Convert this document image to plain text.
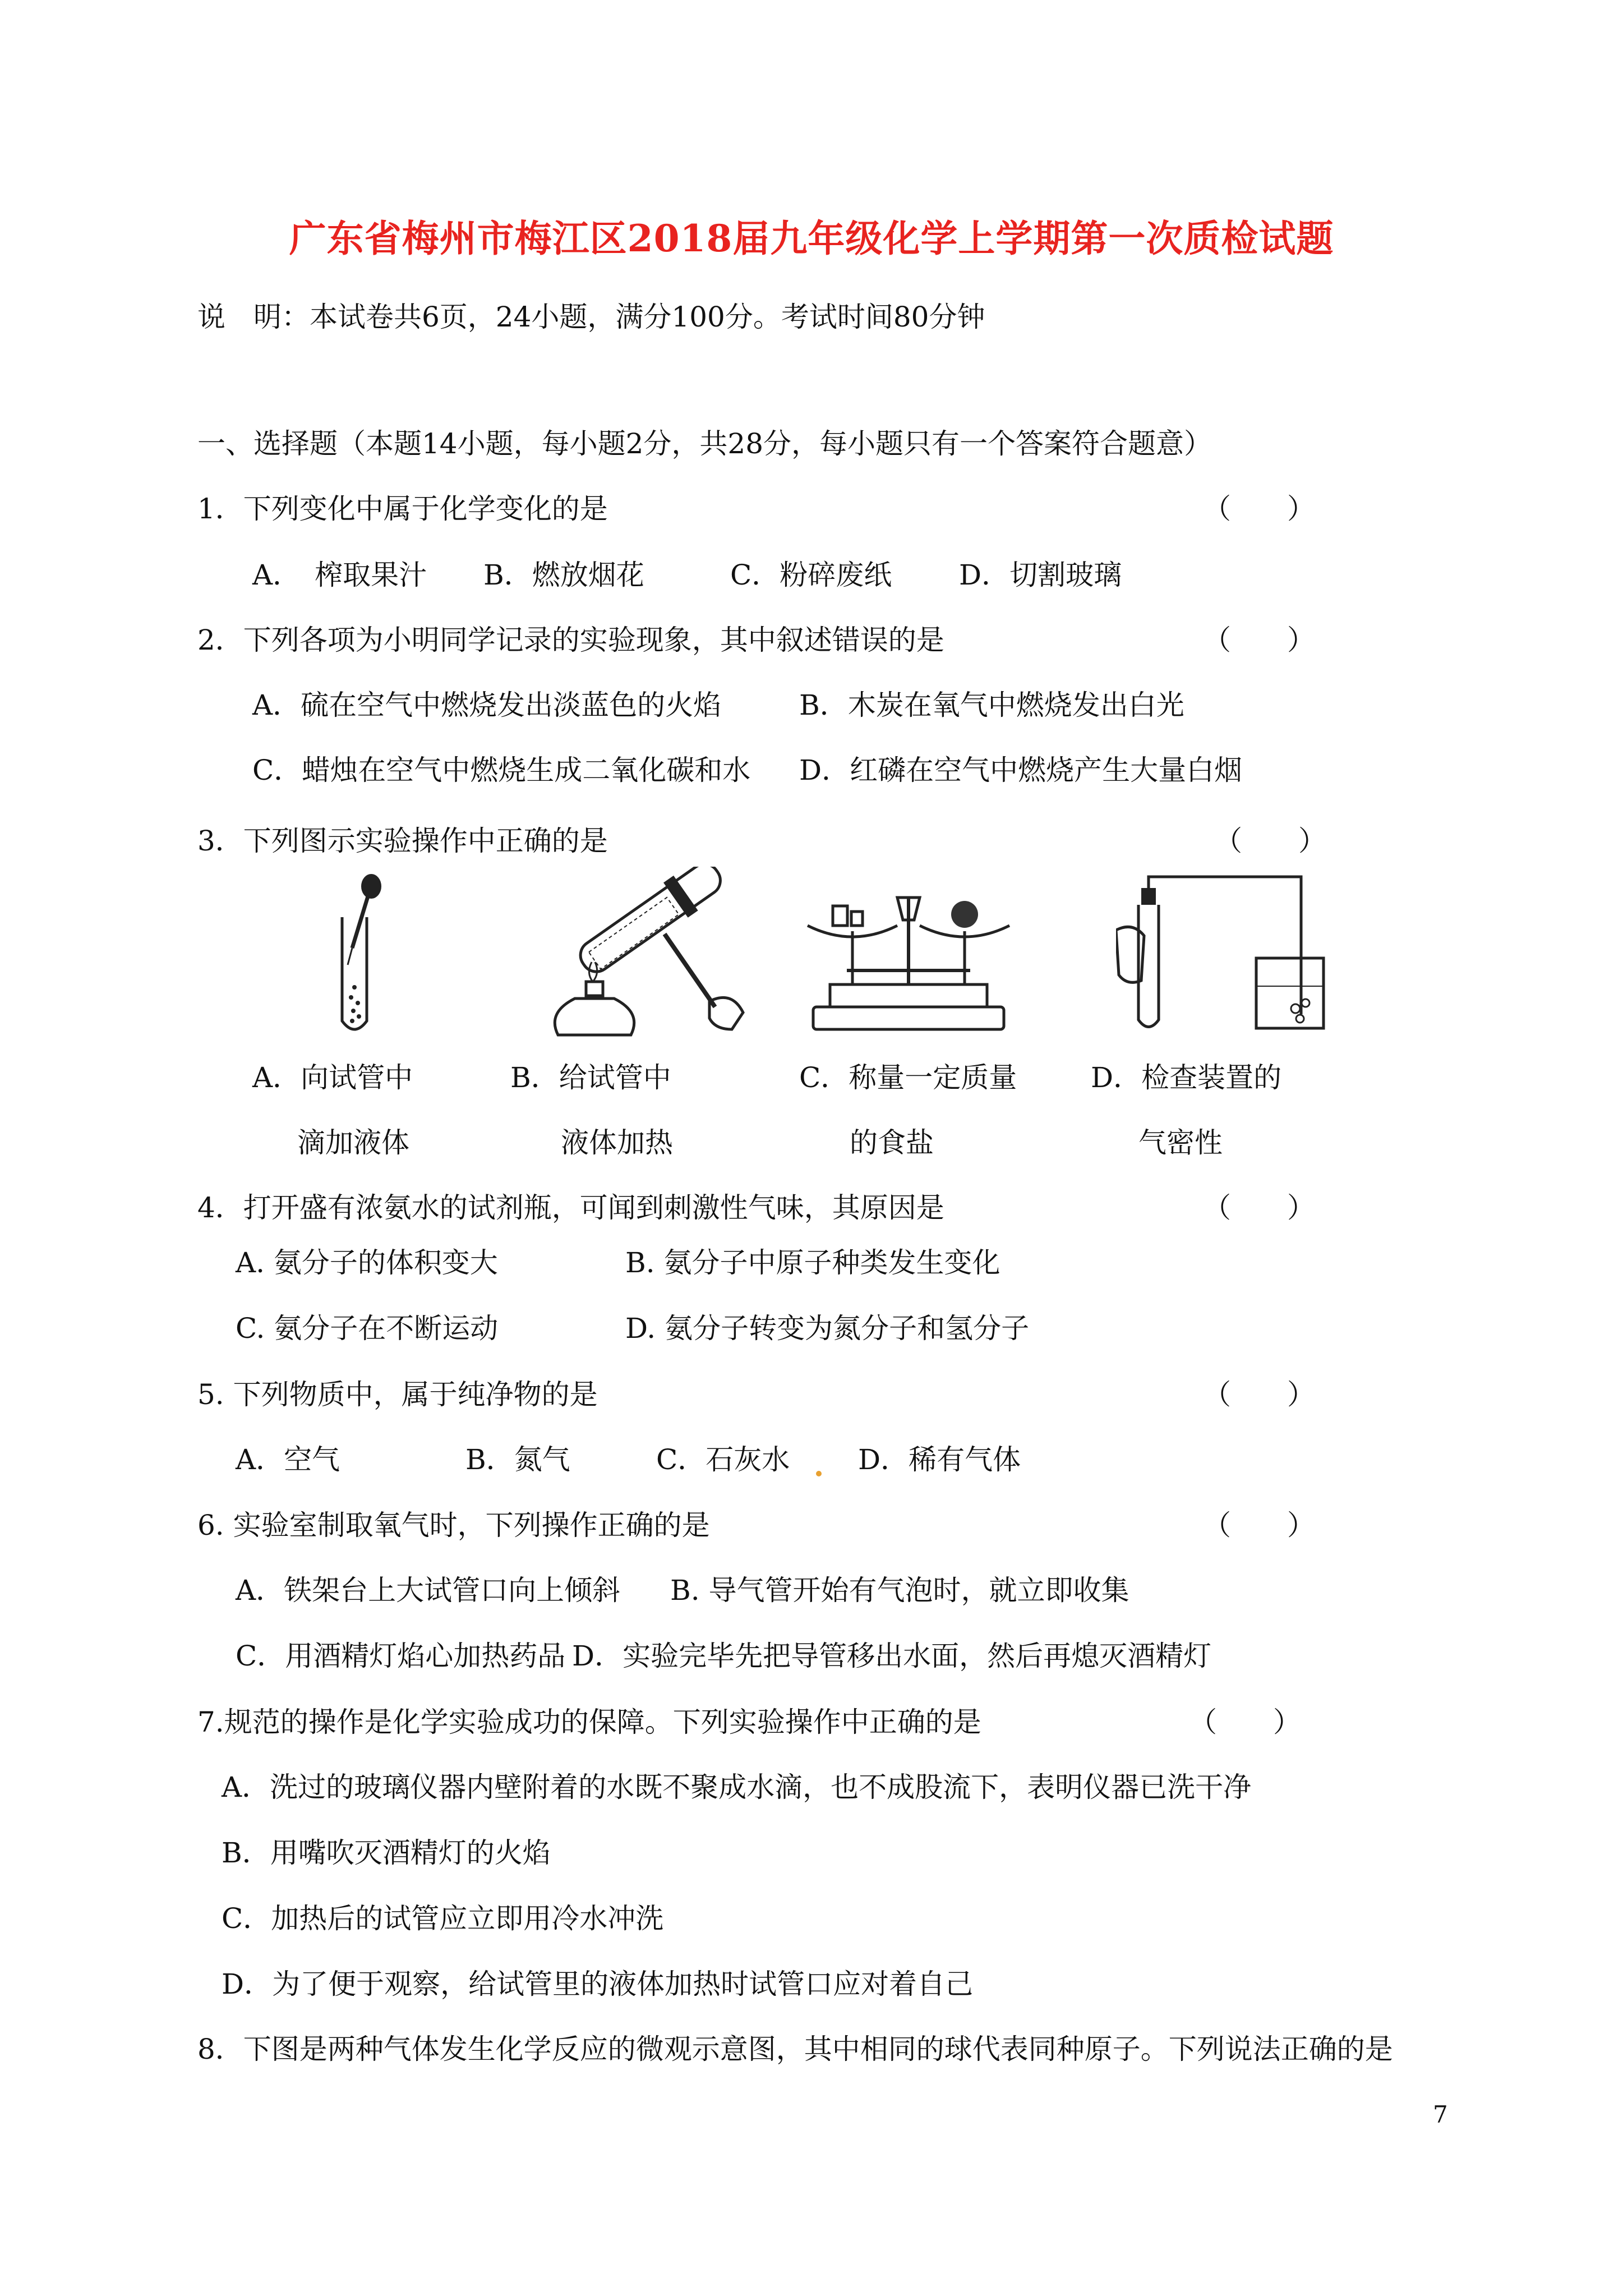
广东省梅州市梅江区2018届九年级化学上学期第一次质检试题
说　明：本试卷共6页，24小题，满分100分。考试时间80分钟
一、选择题（本题14小题，每小题2分，共28分，每小题只有一个答案符合题意）
1．下列变化中属于化学变化的是	（　　）
A．　榨取果汁 B．燃放烟花	C．粉碎废纸 D．切割玻璃
2．下列各项为小明同学记录的实验现象，其中叙述错误的是	（　　）
A．硫在空气中燃烧发出淡蓝色的火焰	B．木炭在氧气中燃烧发出白光
C．蜡烛在空气中燃烧生成二氧化碳和水 D．红磷在空气中燃烧产生大量白烟
3．下列图示实验操作中正确的是	（　　）
A．向试管中	B．给试管中	C．称量一定质量	D．检查装置的
滴加液体	液体加热	的食盐	气密性
4．打开盛有浓氨水的试剂瓶，可闻到刺激性气味，其原因是	（　　）
A. 氨分子的体积变大	B. 氨分子中原子种类发生变化
C. 氨分子在不断运动	D. 氨分子转变为氮分子和氢分子
5. 下列物质中，属于纯净物的是	（　　）
A．空气	B．氮气	C．石灰水 D．稀有气体
6. 实验室制取氧气时，下列操作正确的是	（　　）
A．铁架台上大试管口向上倾斜 B. 导气管开始有气泡时，就立即收集
C．用酒精灯焰心加热药品 D．实验完毕先把导管移出水面，然后再熄灭酒精灯
7.规范的操作是化学实验成功的保障。下列实验操作中正确的是	（　　）
A．洗过的玻璃仪器内壁附着的水既不聚成水滴，也不成股流下，表明仪器已洗干净
B．用嘴吹灭酒精灯的火焰
C．加热后的试管应立即用冷水冲洗
D．为了便于观察，给试管里的液体加热时试管口应对着自己
8．下图是两种气体发生化学反应的微观示意图，其中相同的球代表同种原子。下列说法正确的是
7
